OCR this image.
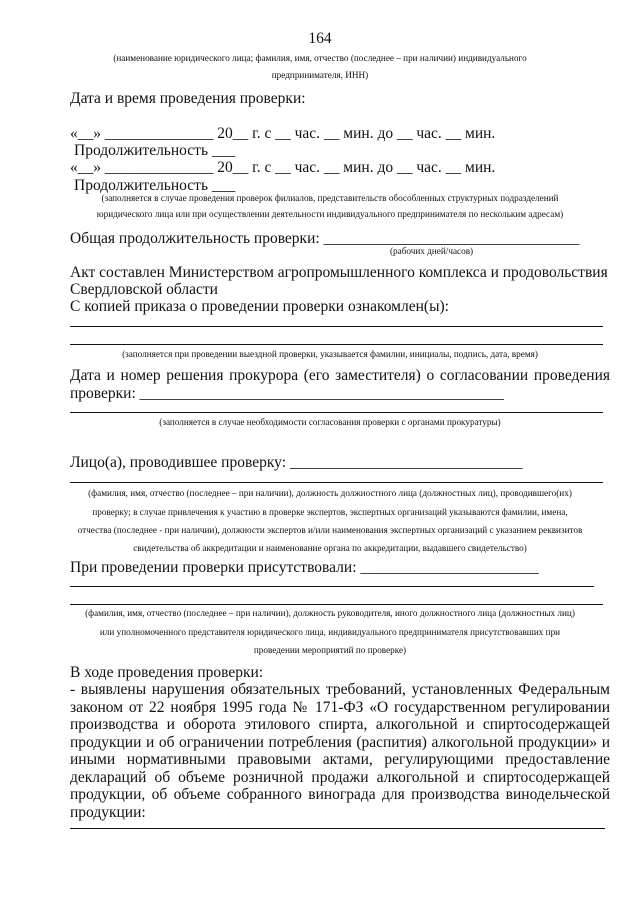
164
(наименование юридического лица; фамилия, имя, отчество (последнее – при наличии) индивидуального
предпринимателя, ИНН)
Дата и время проведения проверки:
«__» ______________ 20__ г. с __ час. __ мин. до __ час. __ мин.
Продолжительность ___
«__» ______________ 20__ г. с __ час. __ мин. до __ час. __ мин.
Продолжительность ___
(заполняется в случае проведения проверок филиалов, представительств обособленных структурных подразделений
юридического лица или при осуществлении деятельности индивидуального предпринимателя по нескольким адресам)
Общая продолжительность проверки: _________________________________
(рабочих дней/часов)
Акт составлен Министерством агропромышленного комплекса и продовольствия
Свердловской области
С копией приказа о проведении проверки ознакомлен(ы):
(заполняется при проведении выездной проверки, указывается фамилии, инициалы, подпись, дата, время)
Дата и номер решения прокурора (его заместителя) о согласовании проведения
проверки: _______________________________________________
(заполняется в случае необходимости согласования проверки с органами прокуратуры)
Лицо(а), проводившее проверку: ______________________________
(фамилия, имя, отчество (последнее – при наличии), должность должностного лица (должностных лиц), проводившего(их)
проверку; в случае привлечения к участию в проверке экспертов, экспертных организаций указываются фамилии, имена,
отчества (последнее - при наличии), должности экспертов и/или наименования экспертных организаций с указанием реквизитов
свидетельства об аккредитации и наименование органа по аккредитации, выдавшего свидетельство)
При проведении проверки присутствовали: _______________________
(фамилия, имя, отчество (последнее – при наличии), должность руководителя, иного должностного лица (должностных лиц)
или уполномоченного представителя юридического лица, индивидуального предпринимателя присутствовавших при
проведении мероприятий по проверке)
В ходе проведения проверки:
- выявлены нарушения обязательных требований, установленных Федеральным законом от 22 ноября 1995 года № 171-ФЗ «О государственном регулировании производства и оборота этилового спирта, алкогольной и спиртосодержащей продукции и об ограничении потребления (распития) алкогольной продукции» и иными нормативными правовыми актами, регулирующими предоставление деклараций об объеме розничной продажи алкогольной и спиртосодержащей продукции, об объеме собранного винограда для производства винодельческой продукции:
